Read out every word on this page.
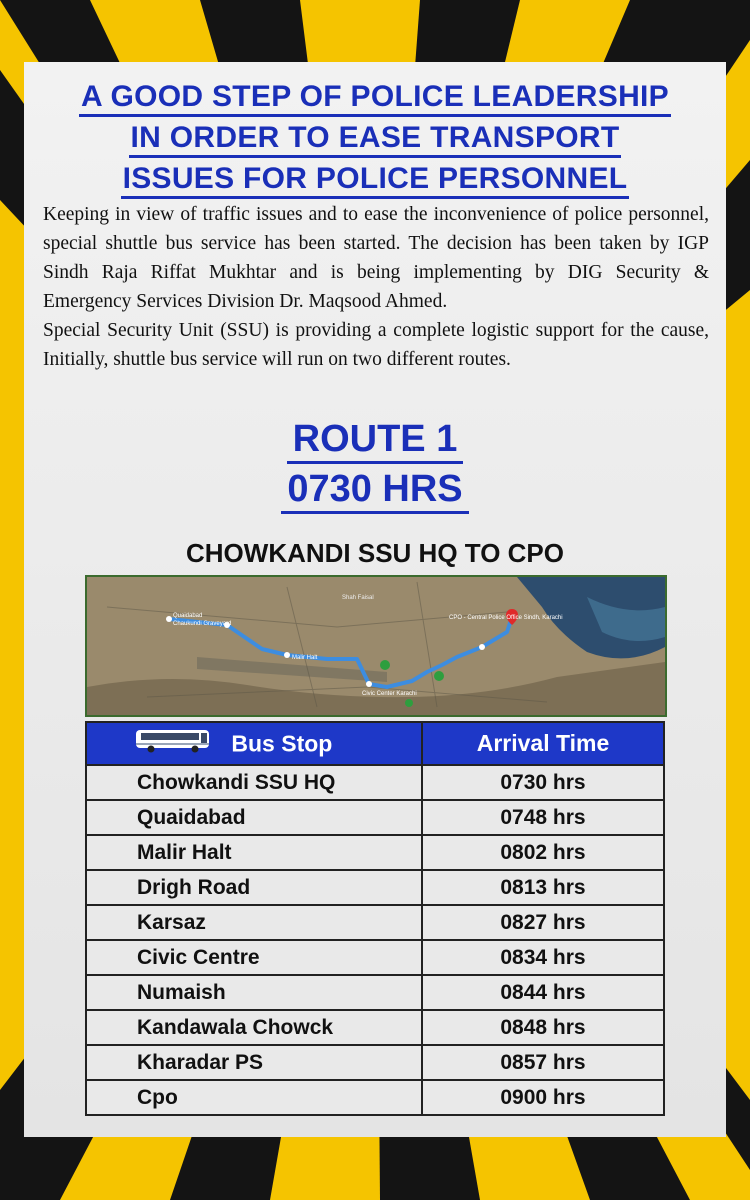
A GOOD STEP OF POLICE LEADERSHIP
IN ORDER TO EASE TRANSPORT
ISSUES FOR POLICE PERSONNEL

Keeping in view of traffic issues and to ease the inconvenience of police personnel, special shuttle bus service has been started. The decision has been taken by IGP Sindh Raja Riffat Mukhtar and is being implementing by DIG Security & Emergency Services Division Dr. Maqsood Ahmed.

Special Security Unit (SSU) is providing a complete logistic support for the cause, Initially, shuttle bus service will run on two different routes.

ROUTE 1
0730 HRS
CHOWKANDI SSU HQ TO CPO
Quaidabad
Chaukundi Graveyard
Malir Halt
Civic Center Karachi
CPO - Central Police Office Sindh, Karachi
Shah Faisal
Bus Stop	Arrival Time
Chowkandi SSU HQ	0730 hrs
Quaidabad	0748 hrs
Malir Halt	0802 hrs
Drigh Road	0813 hrs
Karsaz	0827 hrs
Civic Centre	0834 hrs
Numaish	0844 hrs
Kandawala Chowck	0848 hrs
Kharadar PS	0857 hrs
Cpo	0900 hrs
